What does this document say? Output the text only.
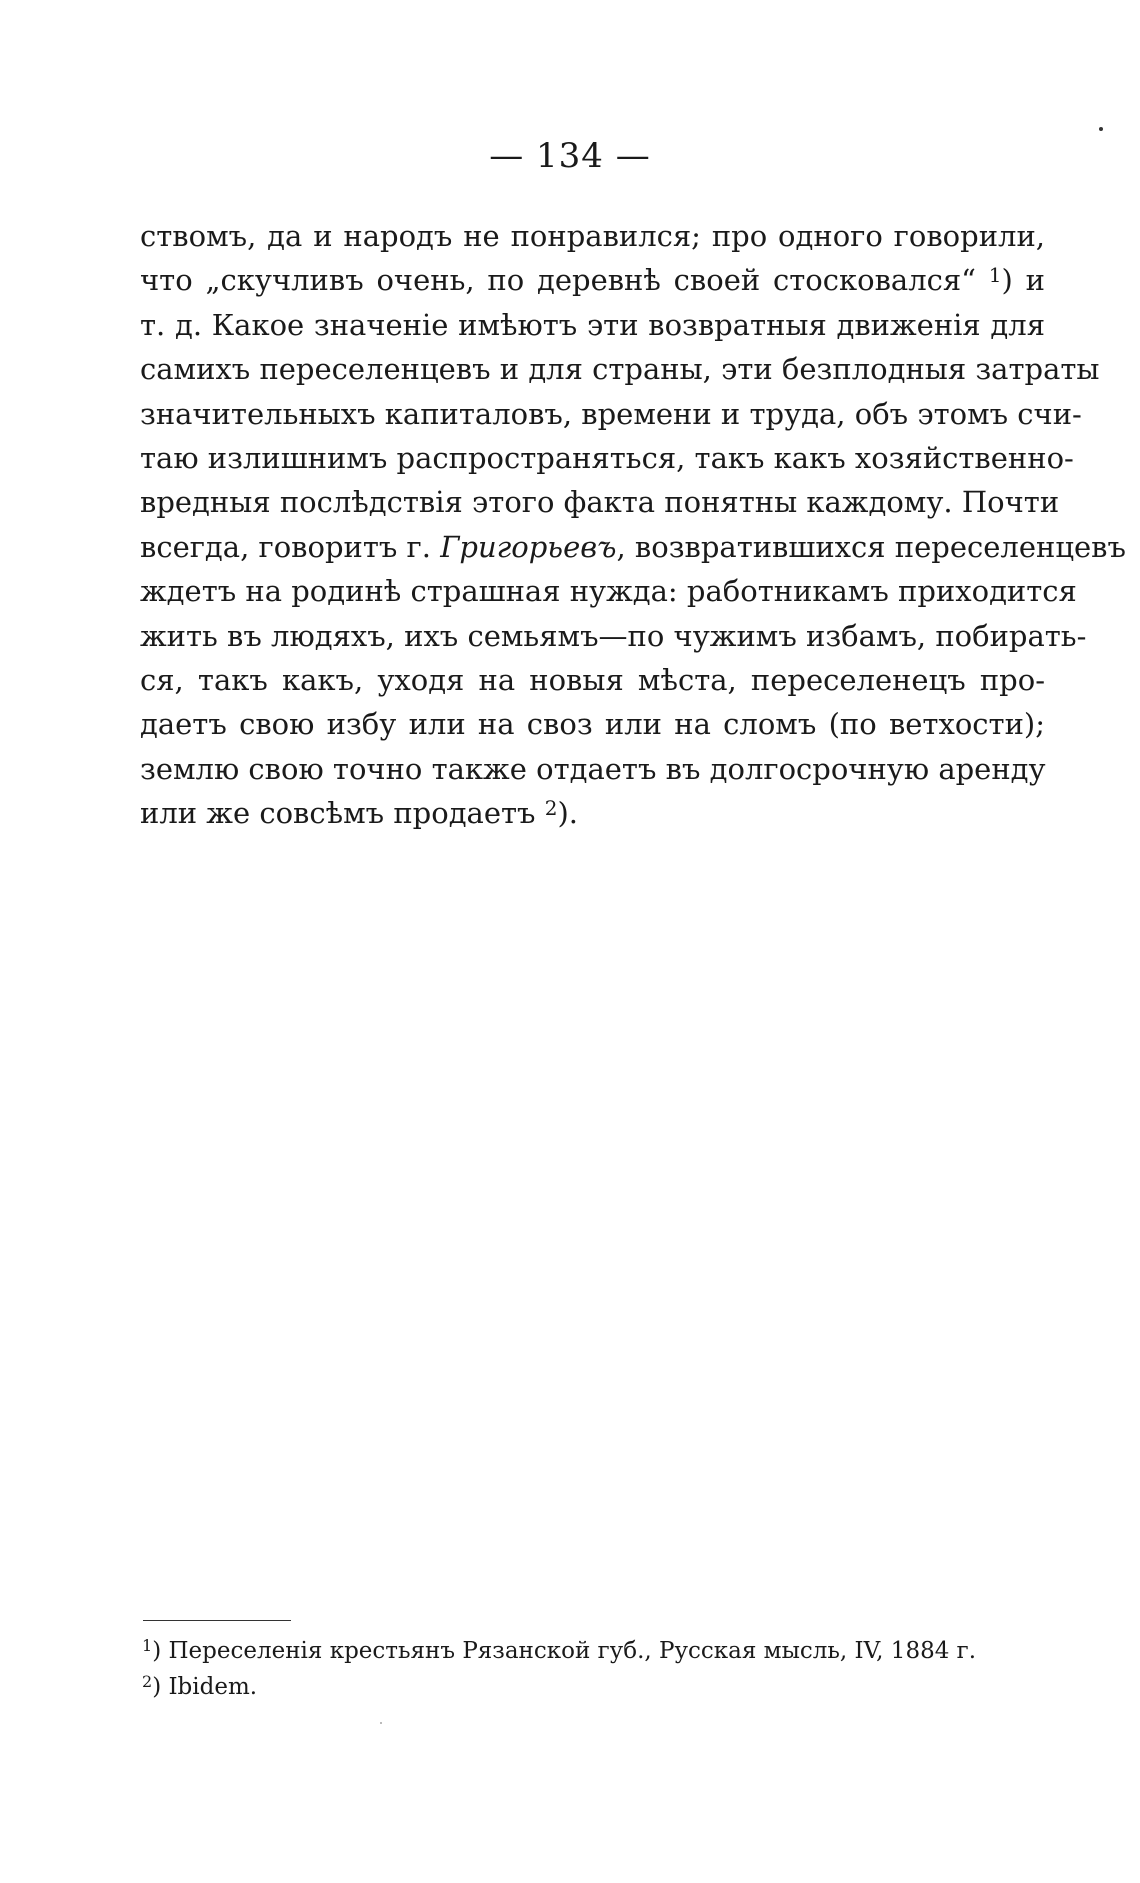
— 134 —
ствомъ, да и народъ не понравился; про одного говорили,
что „скучливъ очень, по деревнѣ своей стосковался“ $^1$) и
т. д. Какое значеніе имѣютъ эти возвратныя движенія для
самихъ переселенцевъ и для страны, эти безплодныя затраты
значительныхъ капиталовъ, времени и труда, объ этомъ счи-
таю излишнимъ распространяться, такъ какъ хозяйственно-
вредныя послѣдствія этого факта понятны каждому. Почти
всегда, говоритъ г. Григорьевъ, возвратившихся переселенцевъ
ждетъ на родинѣ страшная нужда: работникамъ приходится
жить въ людяхъ, ихъ семьямъ—по чужимъ избамъ, побирать-
ся, такъ какъ, уходя на новыя мѣста, переселенецъ про-
даетъ свою избу или на своз или на сломъ (по ветхости);
землю свою точно также отдаетъ въ долгосрочную аренду
или же совсѣмъ продаетъ $^2$).
$^1$) Переселенія крестьянъ Рязанской губ., Русская мысль, IV, 1884 г.
$^2$) Ibidem.
